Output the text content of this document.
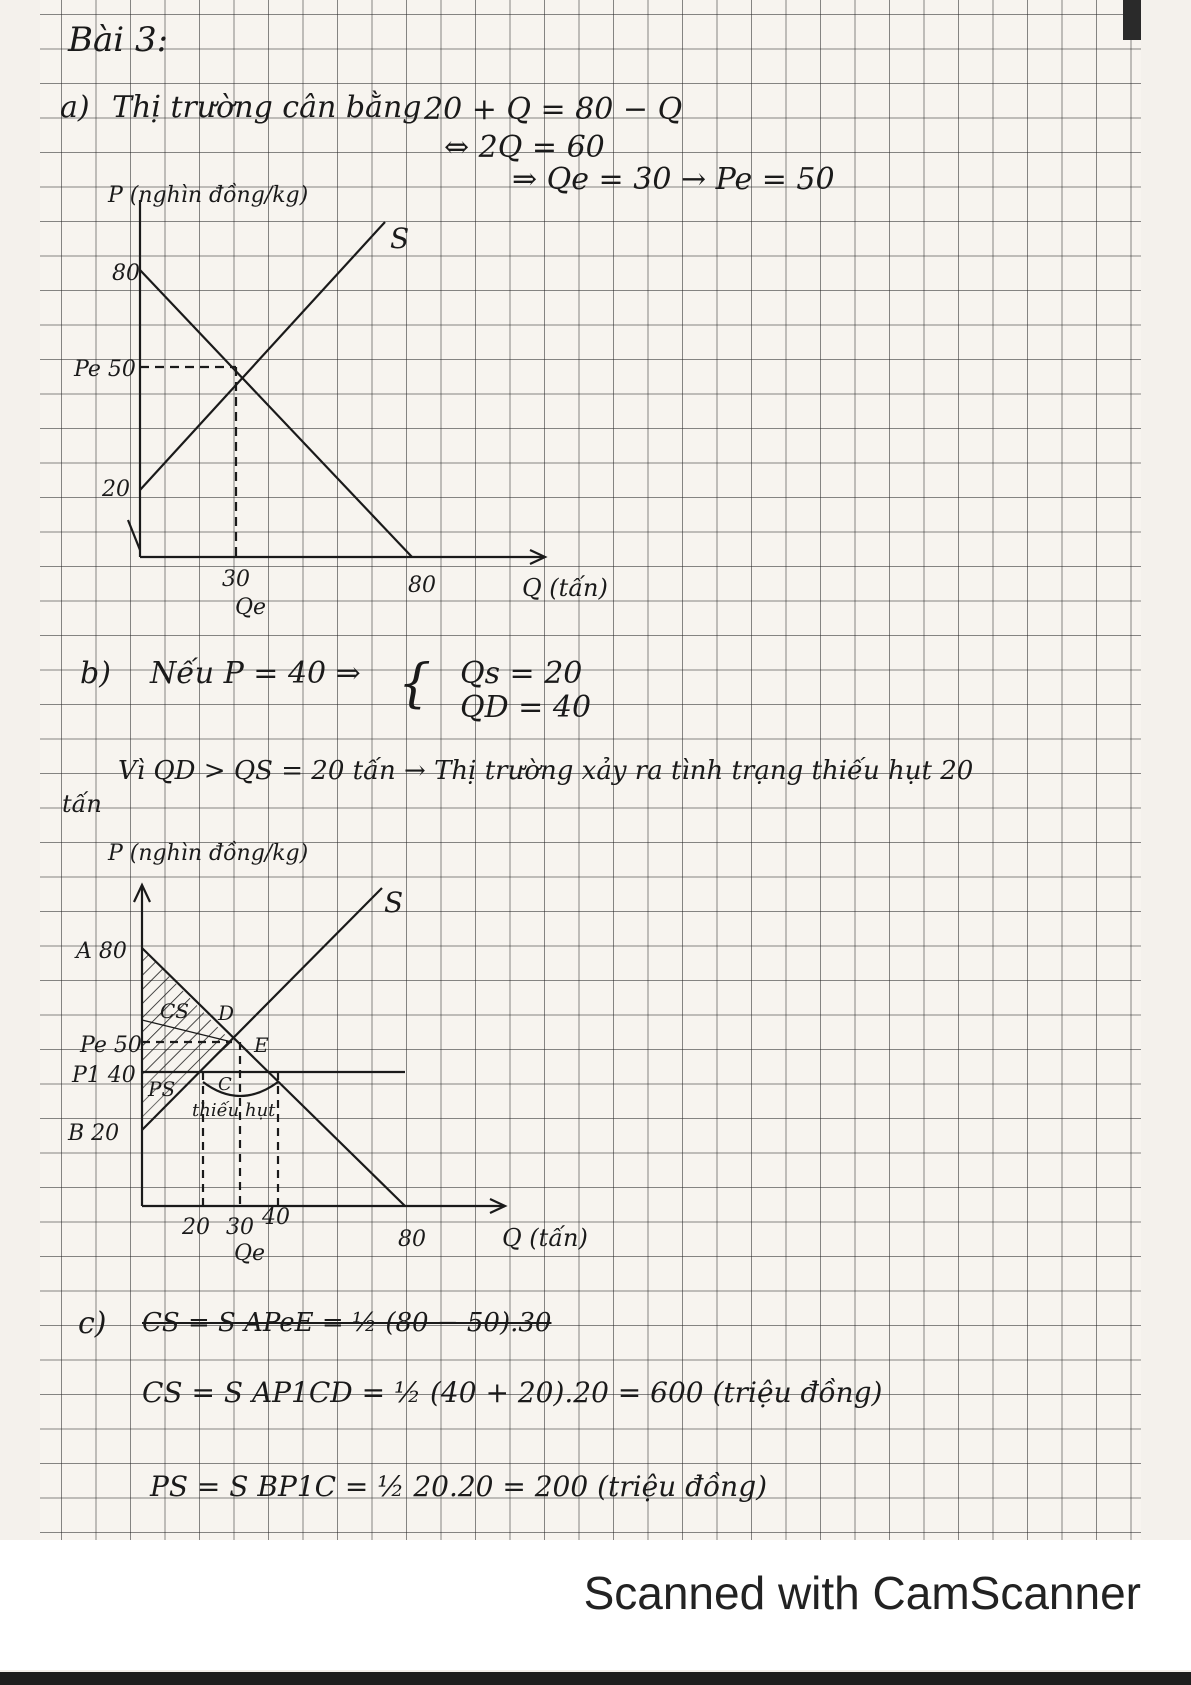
Bài 3:
a) Thị trường cân bằng 20 + Q = 80 − Q
⇔ 2Q = 60
⇒ Qe = 30 → Pe = 50
P (nghìn đồng/kg)
80
Pe 50
20
30
Qe
80	Q (tấn)
S
b) Nếu P = 40 ⇒ { Qs = 20
QD = 40
Vì QD > QS = 20 tấn → Thị trường xảy ra tình trạng thiếu hụt 20
tấn
A 80
Pe 50
P1 40
B 20
P (nghìn đồng/kg)
S
CS
PS
D
E
C
thiếu hụt
20 30 40
Qe
80	Q (tấn)
c) CS = S APeE = ½ (80 − 50).30
CS = S AP1CD = ½ (40 + 20).20 = 600 (triệu đồng)
PS = S BP1C = ½ 20.20 = 200 (triệu đồng)
Scanned with CamScanner
